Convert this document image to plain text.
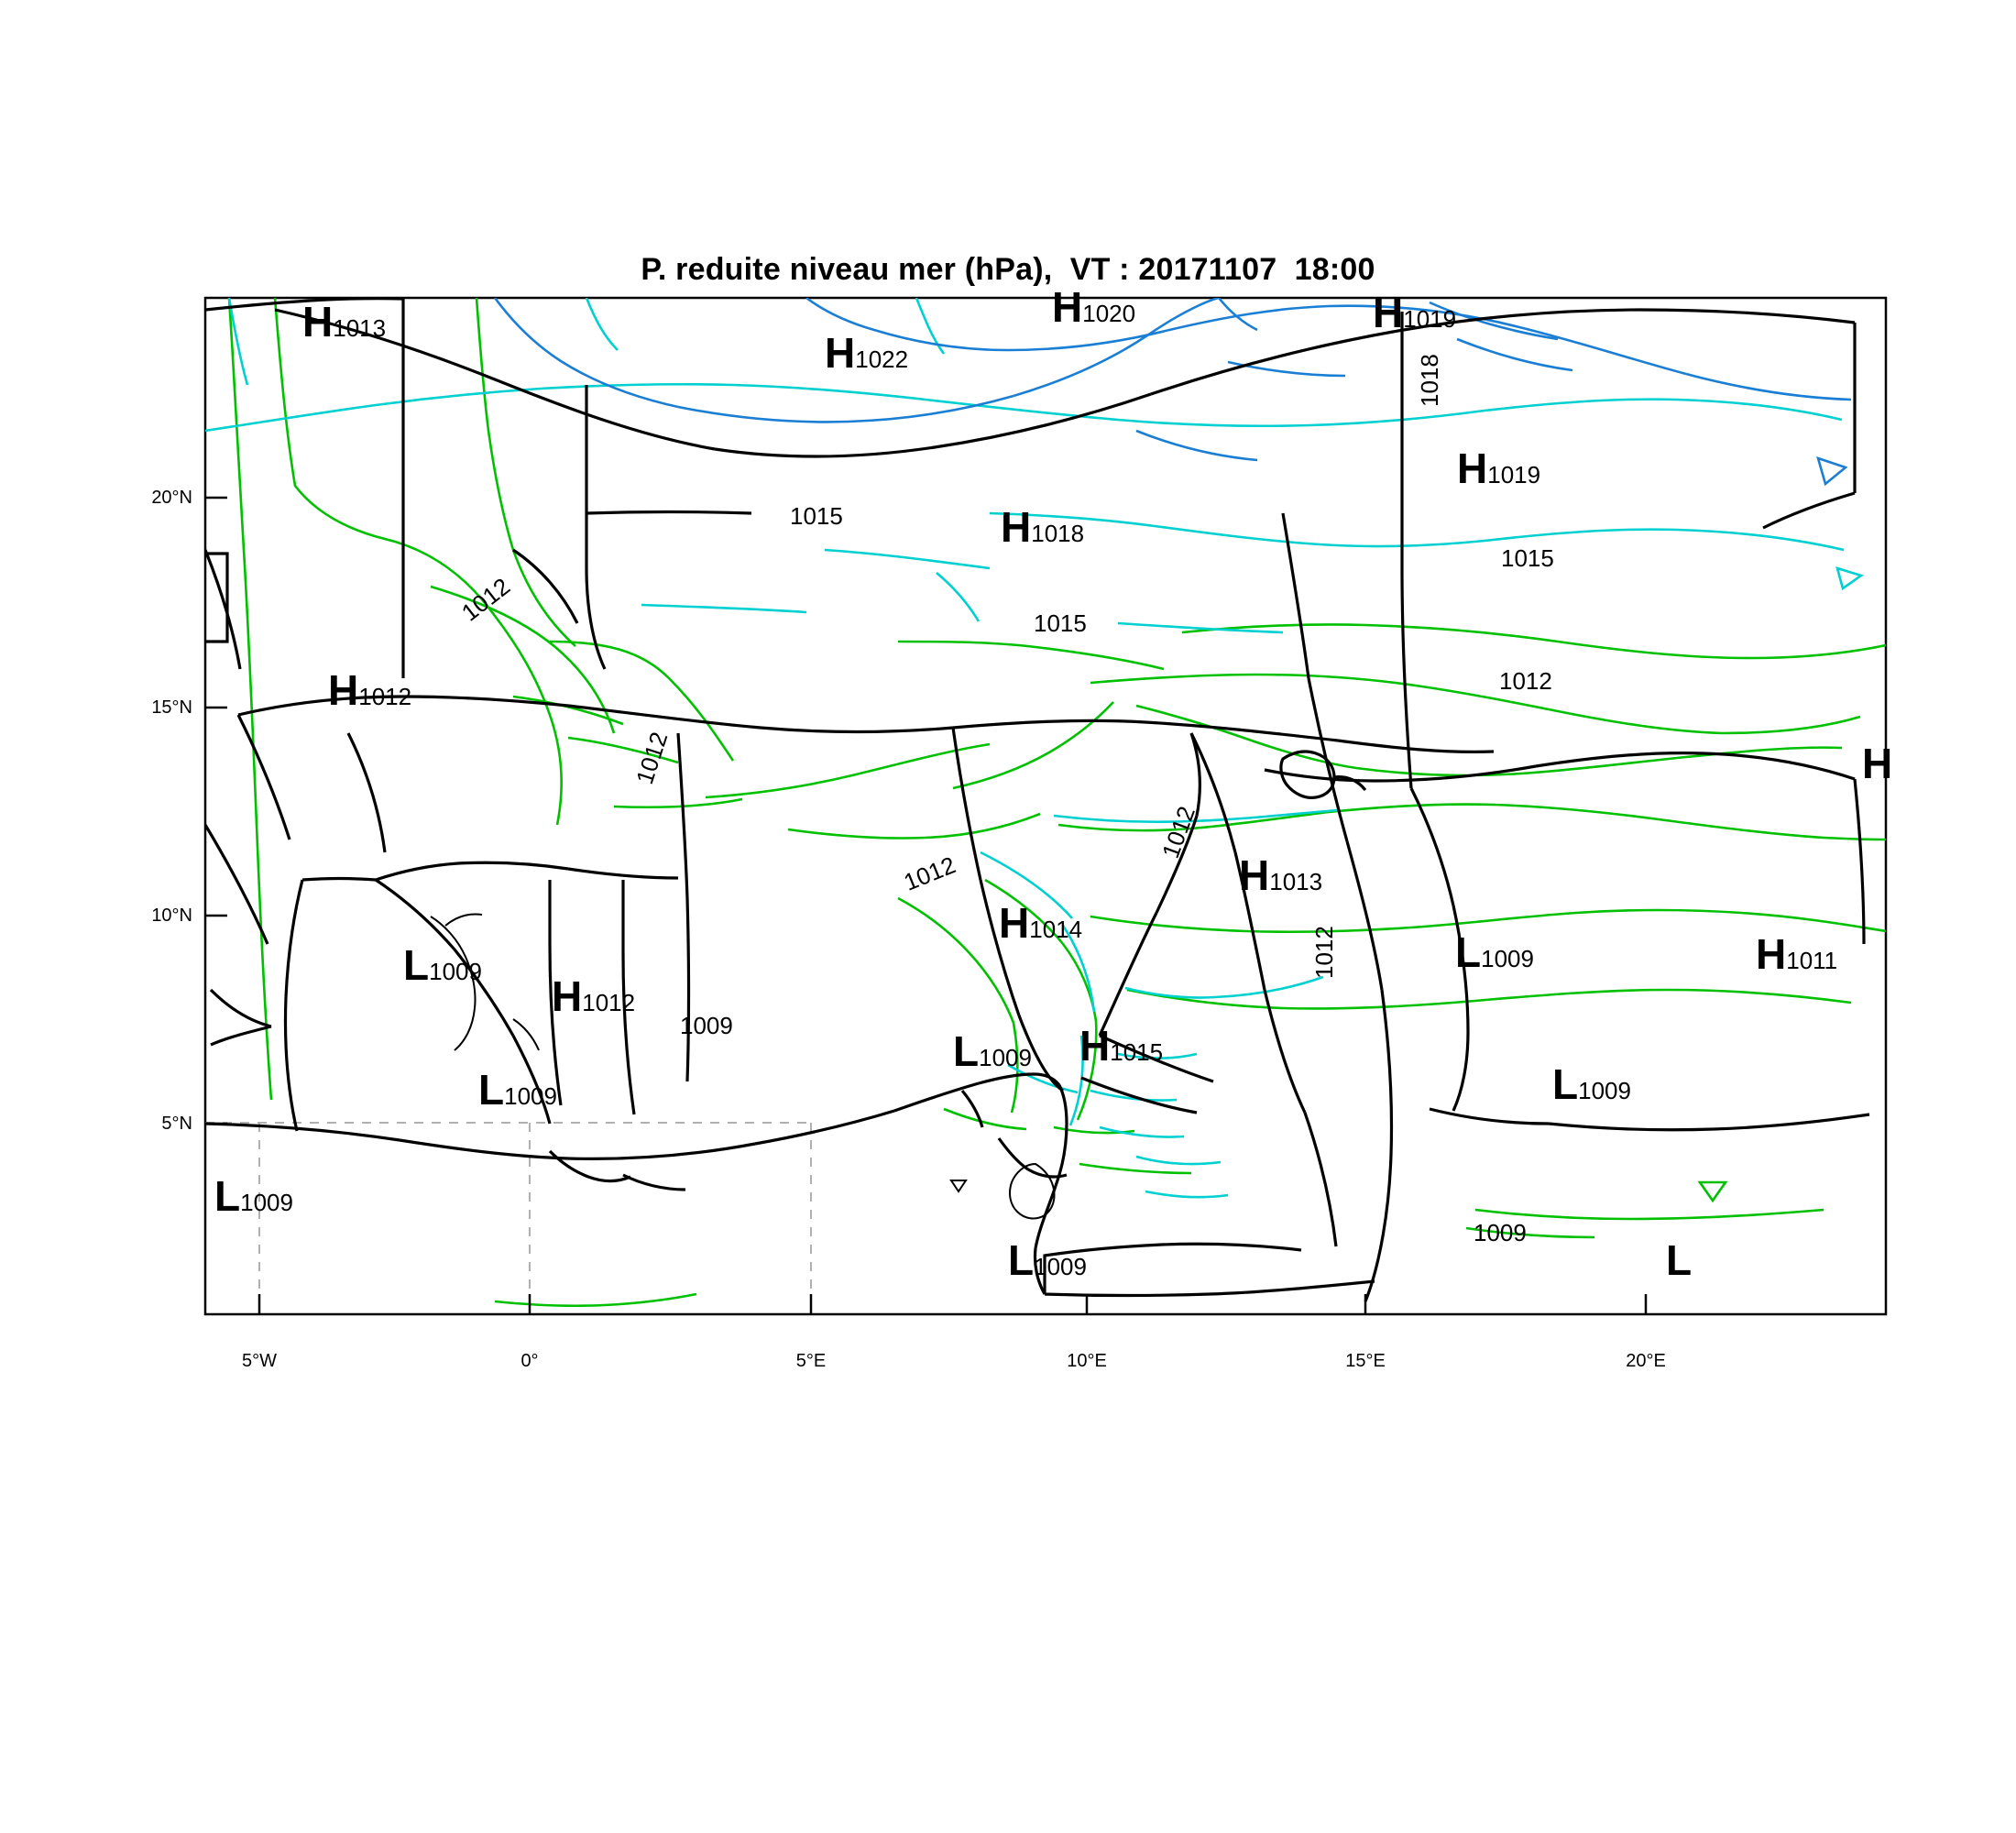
P. reduite niveau mer (hPa),  VT : 20171107  18:00
20°N
15°N
10°N
5°N
5°W	0°	5°E	10°E	15°E	20°E
1015
1012
1018
1015
1015
1012
1012
1012
1012
1012
1009
1009
H1013
H1022
H1020	H1019
H1019
H1018
H1012
H1013
H1014	L1009	H1011
L1009
H1012
L1009 H1015
L1009
L1009
L1009
L1009
H
L
